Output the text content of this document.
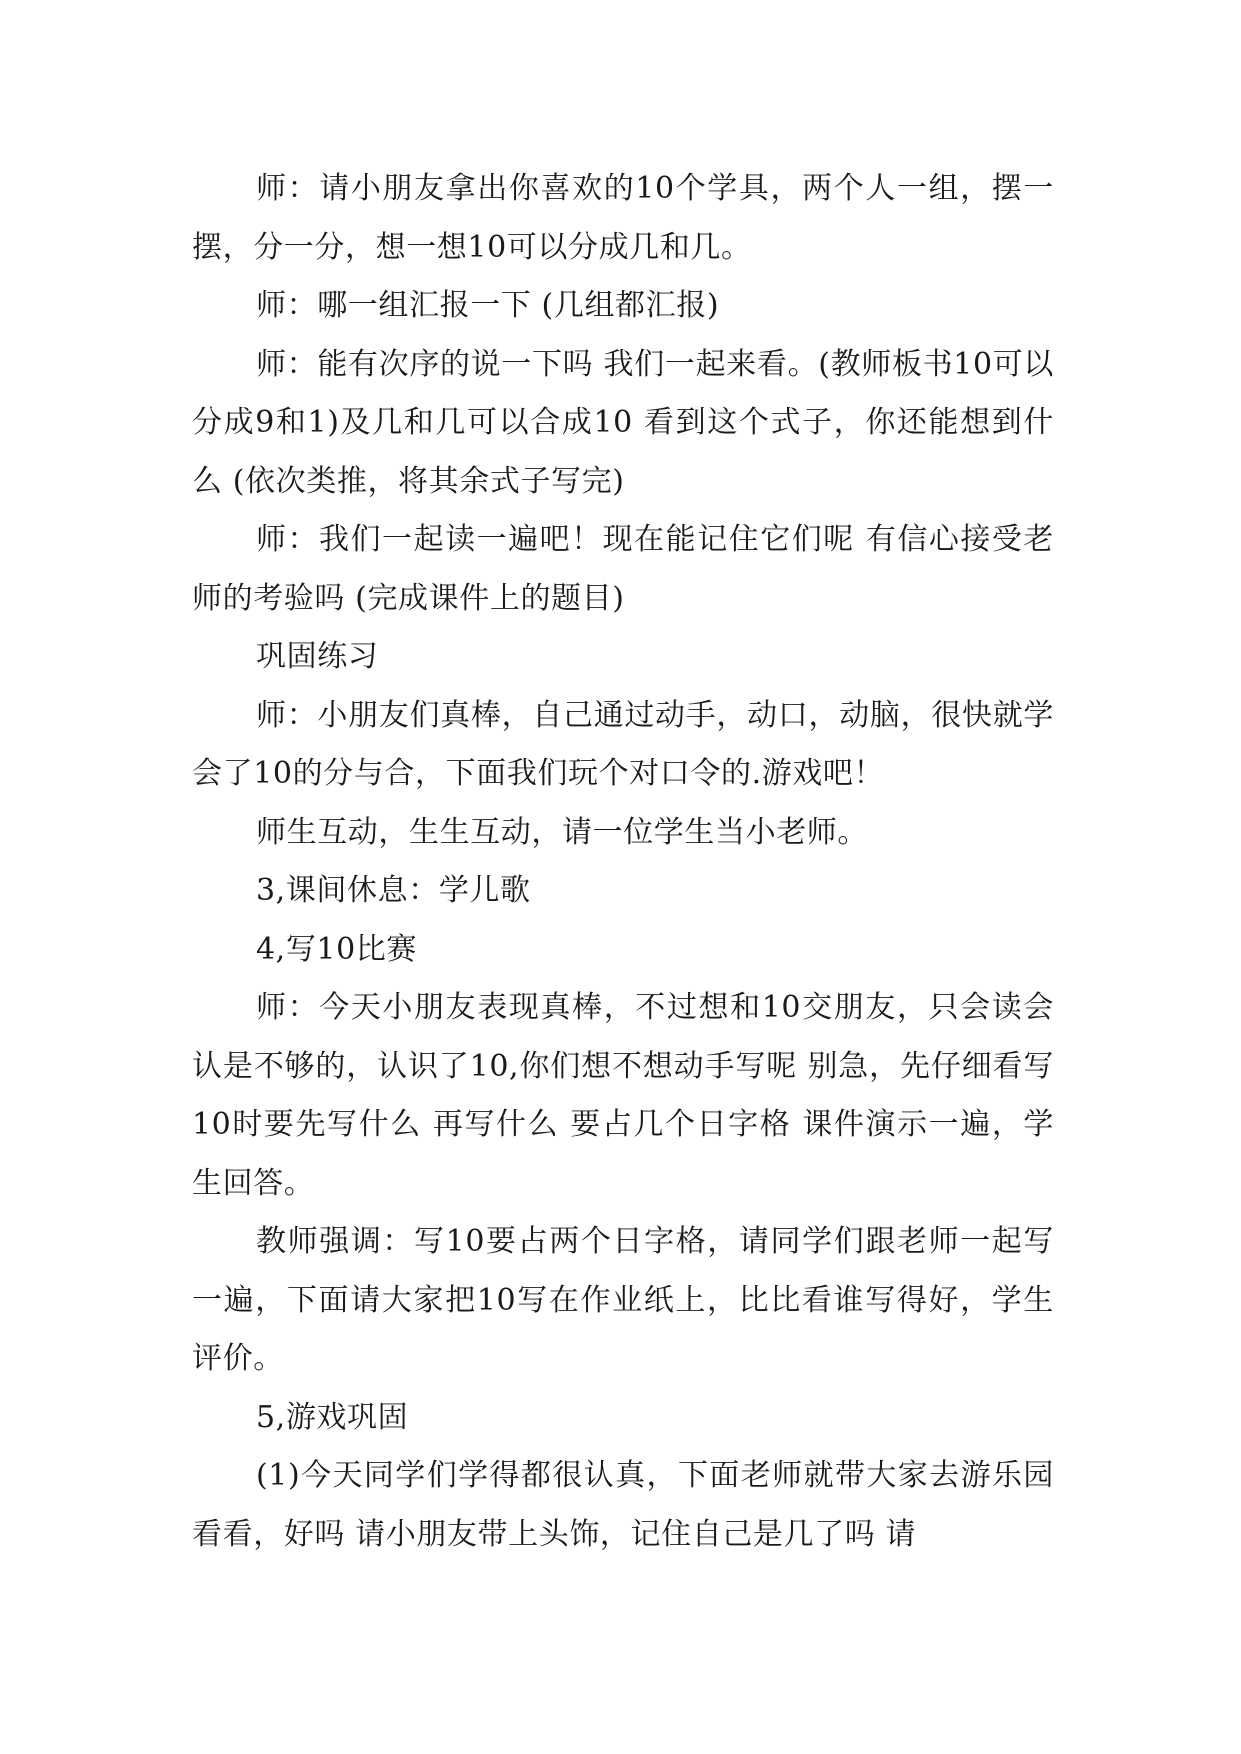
师：请小朋友拿出你喜欢的10个学具，两个人一组，摆一摆，分一分，想一想10可以分成几和几。

师：哪一组汇报一下 (几组都汇报)

师：能有次序的说一下吗 我们一起来看。(教师板书10可以分成9和1)及几和几可以合成10 看到这个式子，你还能想到什么 (依次类推，将其余式子写完)

师：我们一起读一遍吧！现在能记住它们呢 有信心接受老师的考验吗 (完成课件上的题目)

巩固练习

师：小朋友们真棒，自己通过动手，动口，动脑，很快就学会了10的分与合，下面我们玩个对口令的.游戏吧！

师生互动，生生互动，请一位学生当小老师。

3,课间休息：学儿歌

4,写10比赛

师：今天小朋友表现真棒，不过想和10交朋友，只会读会认是不够的，认识了10,你们想不想动手写呢 别急，先仔细看写10时要先写什么 再写什么 要占几个日字格 课件演示一遍，学生回答。

教师强调：写10要占两个日字格，请同学们跟老师一起写一遍，下面请大家把10写在作业纸上，比比看谁写得好，学生评价。

5,游戏巩固

(1)今天同学们学得都很认真，下面老师就带大家去游乐园看看，好吗 请小朋友带上头饰，记住自己是几了吗 请
